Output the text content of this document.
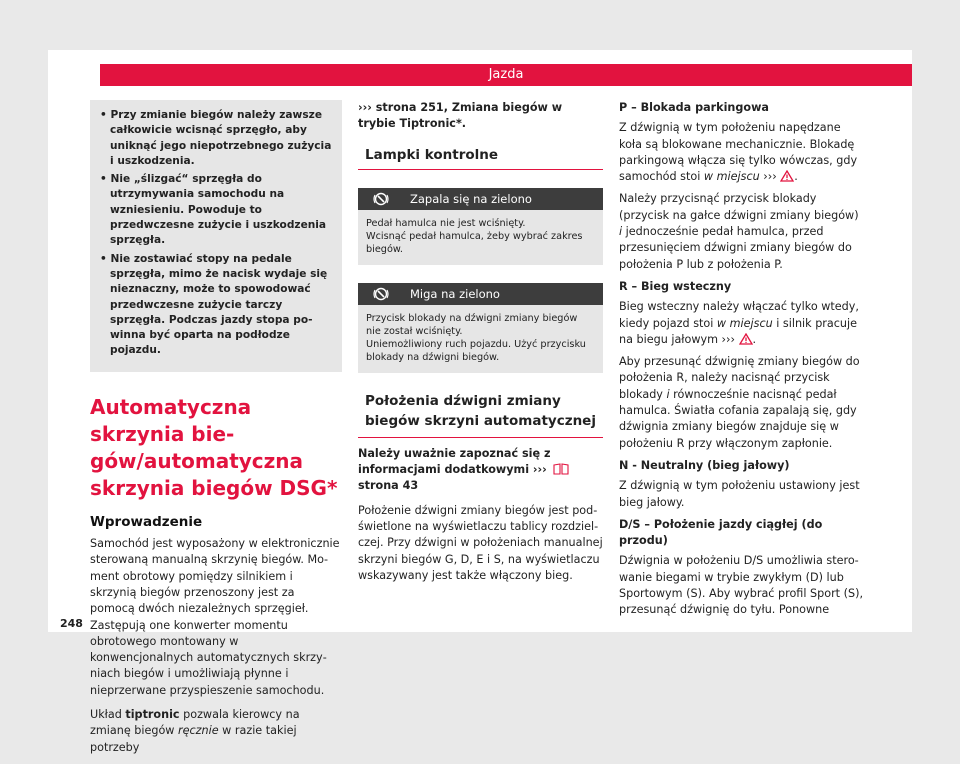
Jazda

• Przy zmianie biegów należy zawsze całkowicie wcisnąć sprzęgło, aby uniknąć jego niepotrzebnego zużycia i uszkodzenia.

• Nie „ślizgać“ sprzęgła do utrzymywania samochodu na wzniesieniu. Powoduje to przedwczesne zużycie i uszkodzenia sprzęgła.

• Nie zostawiać stopy na pedale sprzęgła, mimo że nacisk wydaje się nieznaczny, może to spowodować przedwczesne zużycie tarczy sprzęgła. Podczas jazdy stopa powinna być oparta na podłodze pojazdu.

Automatyczna skrzynia biegów/automatyczna skrzynia biegów DSG*
Wprowadzenie

Samochód jest wyposażony w elektronicznie sterowaną manualną skrzynię biegów. Moment obrotowy pomiędzy silnikiem i skrzynią biegów przenoszony jest za pomocą dwóch niezależnych sprzęgieł. Zastępują one konwerter momentu obrotowego montowany w konwencjonalnych automatycznych skrzyniach biegów i umożliwiają płynne i nieprzerwane przyspieszenie samochodu.

Układ tiptronic pozwala kierowcy na zmianę biegów ręcznie w razie takiej potrzeby

››› strona 251, Zmiana biegów w trybie Tiptronic*.

Lampki kontrolne
Zapala się na zielono
Pedał hamulca nie jest wciśnięty.
Wcisnąć pedał hamulca, żeby wybrać zakres biegów.
Miga na zielono
Przycisk blokady na dźwigni zmiany biegów nie został wciśnięty.
Uniemożliwiony ruch pojazdu. Użyć przycisku blokady na dźwigni biegów.
Położenia dźwigni zmiany biegów skrzyni automatycznej

Należy uważnie zapoznać się z informacjami dodatkowymi ›››  strona 43

Położenie dźwigni zmiany biegów jest podświetlone na wyświetlaczu tablicy rozdzielczej. Przy dźwigni w położeniach manualnej skrzyni biegów G, D, E i S, na wyświetlaczu wskazywany jest także włączony bieg.

P – Blokada parkingowa

Z dźwignią w tym położeniu napędzane koła są blokowane mechanicznie. Blokadę parkingową włącza się tylko wówczas, gdy samochód stoi w miejscu ››› .

Należy przycisnąć przycisk blokady (przycisk na gałce dźwigni zmiany biegów) i jednocześnie pedał hamulca, przed przesunięciem dźwigni zmiany biegów do położenia P lub z położenia P.

R – Bieg wsteczny

Bieg wsteczny należy włączać tylko wtedy, kiedy pojazd stoi w miejscu i silnik pracuje na biegu jałowym ››› .

Aby przesunąć dźwignię zmiany biegów do położenia R, należy nacisnąć przycisk blokady i równocześnie nacisnąć pedał hamulca. Światła cofania zapalają się, gdy dźwignia zmiany biegów znajduje się w położeniu R przy włączonym zapłonie.

N - Neutralny (bieg jałowy)

Z dźwignią w tym położeniu ustawiony jest bieg jałowy.

D/S – Położenie jazdy ciągłej (do przodu)

Dźwignia w położeniu D/S umożliwia sterowanie biegami w trybie zwykłym (D) lub Sportowym (S). Aby wybrać profil Sport (S), przesunąć dźwignię do tyłu. Ponowne

248
